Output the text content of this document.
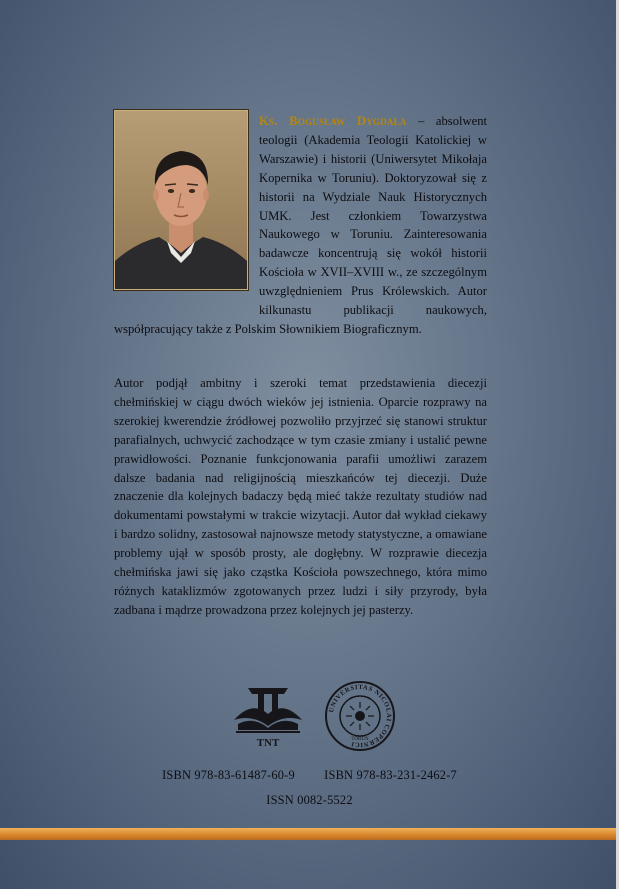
Ks. Bogusław Dygdała – absolwent teologii (Akademia Teologii Katolickiej w Warszawie) i historii (Uniwersytet Mikołaja Kopernika w Toruniu). Doktoryzował się z historii na Wydziale Nauk Historycznych UMK. Jest członkiem Towarzystwa Naukowego w Toruniu. Zainteresowania badawcze koncentrują się wokół historii Kościoła w XVII–XVIII w., ze szczególnym uwzględnieniem Prus Królewskich. Autor kilkunastu publikacji naukowych, współpracujący także z Polskim Słownikiem Biograficznym.
Autor podjął ambitny i szeroki temat przedstawienia diecezji chełmińskiej w ciągu dwóch wieków jej istnienia. Oparcie rozprawy na szerokiej kwerendzie źródłowej pozwoliło przyjrzeć się stanowi struktur parafialnych, uchwycić zachodzące w tym czasie zmiany i ustalić pewne prawidłowości. Poznanie funkcjonowania parafii umożliwi zarazem dalsze badania nad religijnością mieszkańców tej diecezji. Duże znaczenie dla kolejnych badaczy będą mieć także rezultaty studiów nad dokumentami powstałymi w trakcie wizytacji. Autor dał wykład ciekawy i bardzo solidny, zastosował najnowsze metody statystyczne, a omawiane problemy ujął w sposób prosty, ale dogłębny. W rozprawie diecezja chełmińska jawi się jako cząstka Kościoła powszechnego, która mimo różnych kataklizmów zgotowanych przez ludzi i siły przyrody, była zadbana i mądrze prowadzona przez kolejnych jej pasterzy.
TNT
UNIVERSITAS NICOLAI COPERNICI
TORUN
ISBN 978-83-61487-60-9 ISBN 978-83-231-2462-7
ISSN 0082-5522
